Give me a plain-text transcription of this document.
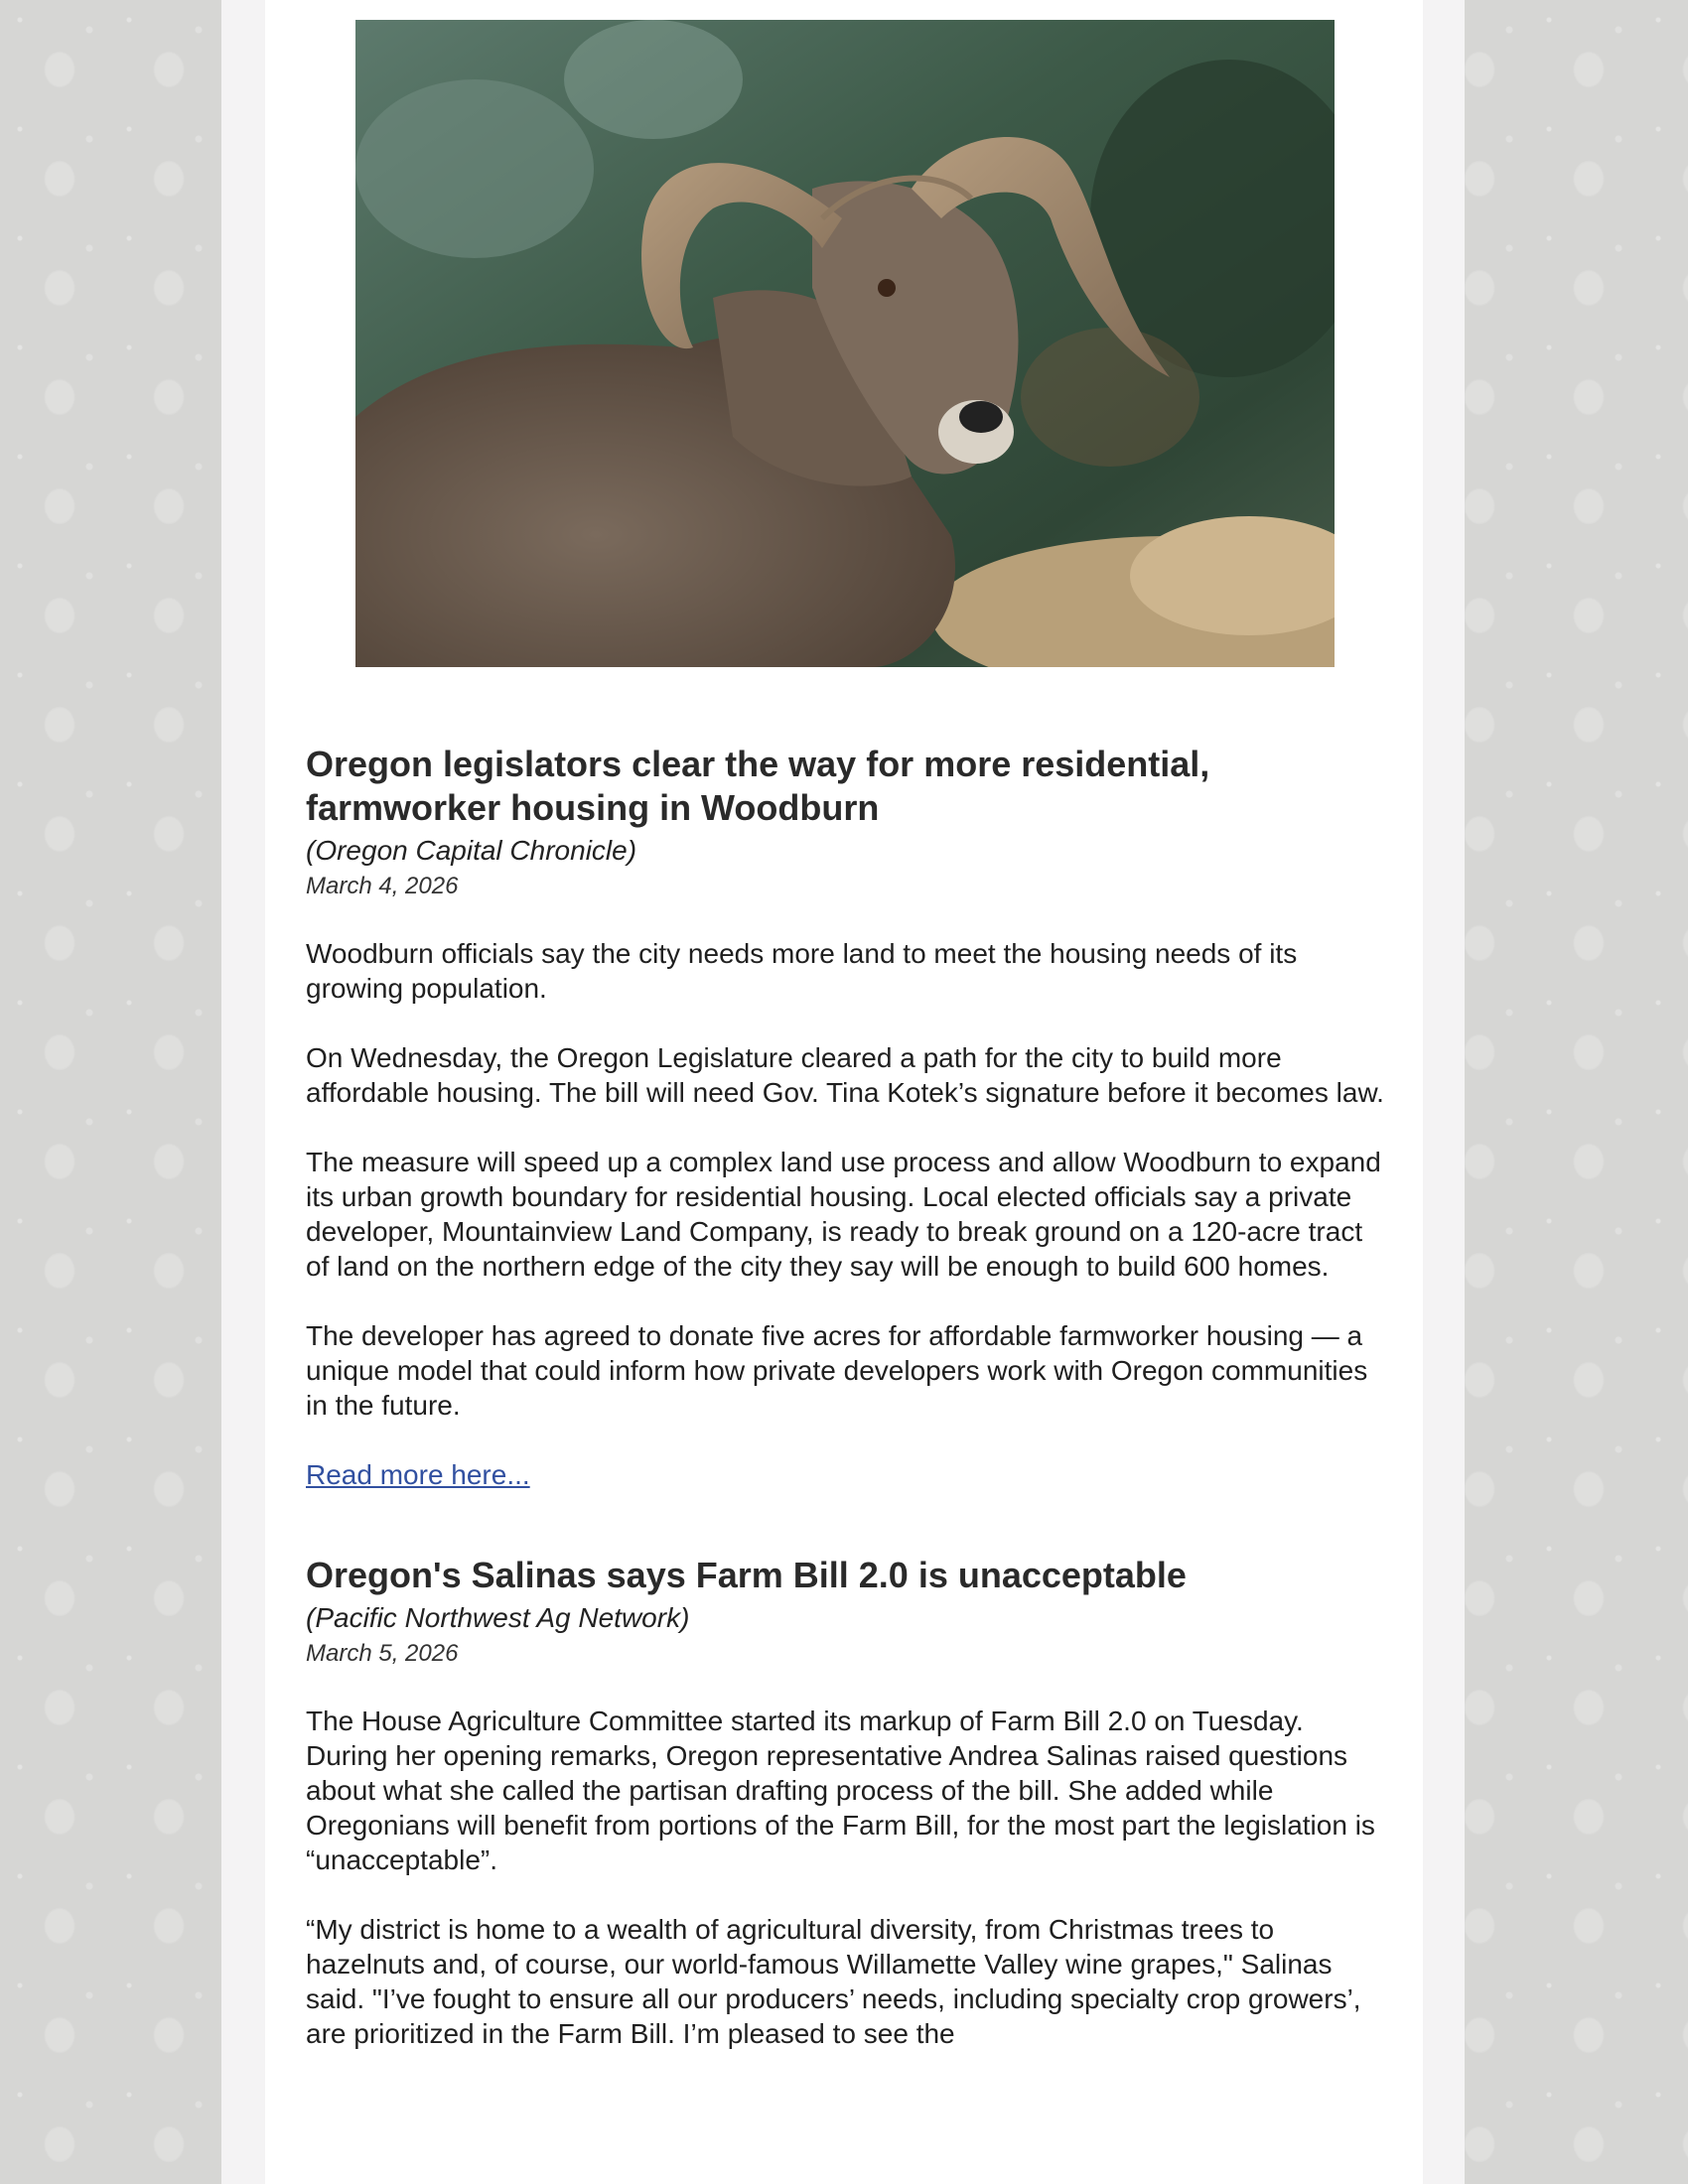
Oregon legislators clear the way for more residential, farmworker housing in Woodburn
(Oregon Capital Chronicle)
March 4, 2026

Woodburn officials say the city needs more land to meet the housing needs of its growing population.

On Wednesday, the Oregon Legislature cleared a path for the city to build more affordable housing. The bill will need Gov. Tina Kotek’s signature before it becomes law.

The measure will speed up a complex land use process and allow Woodburn to expand its urban growth boundary for residential housing. Local elected officials say a private developer, Mountainview Land Company, is ready to break ground on a 120-acre tract of land on the northern edge of the city they say will be enough to build 600 homes.

The developer has agreed to donate five acres for affordable farmworker housing — a unique model that could inform how private developers work with Oregon communities in the future.

Read more here...
Oregon's Salinas says Farm Bill 2.0 is unacceptable
(Pacific Northwest Ag Network)
March 5, 2026

The House Agriculture Committee started its markup of Farm Bill 2.0 on Tuesday. During her opening remarks, Oregon representative Andrea Salinas raised questions about what she called the partisan drafting process of the bill. She added while Oregonians will benefit from portions of the Farm Bill, for the most part the legislation is “unacceptable”.

“My district is home to a wealth of agricultural diversity, from Christmas trees to hazelnuts and, of course, our world-famous Willamette Valley wine grapes," Salinas said. "I’ve fought to ensure all our producers’ needs, including specialty crop growers’, are prioritized in the Farm Bill. I’m pleased to see the
